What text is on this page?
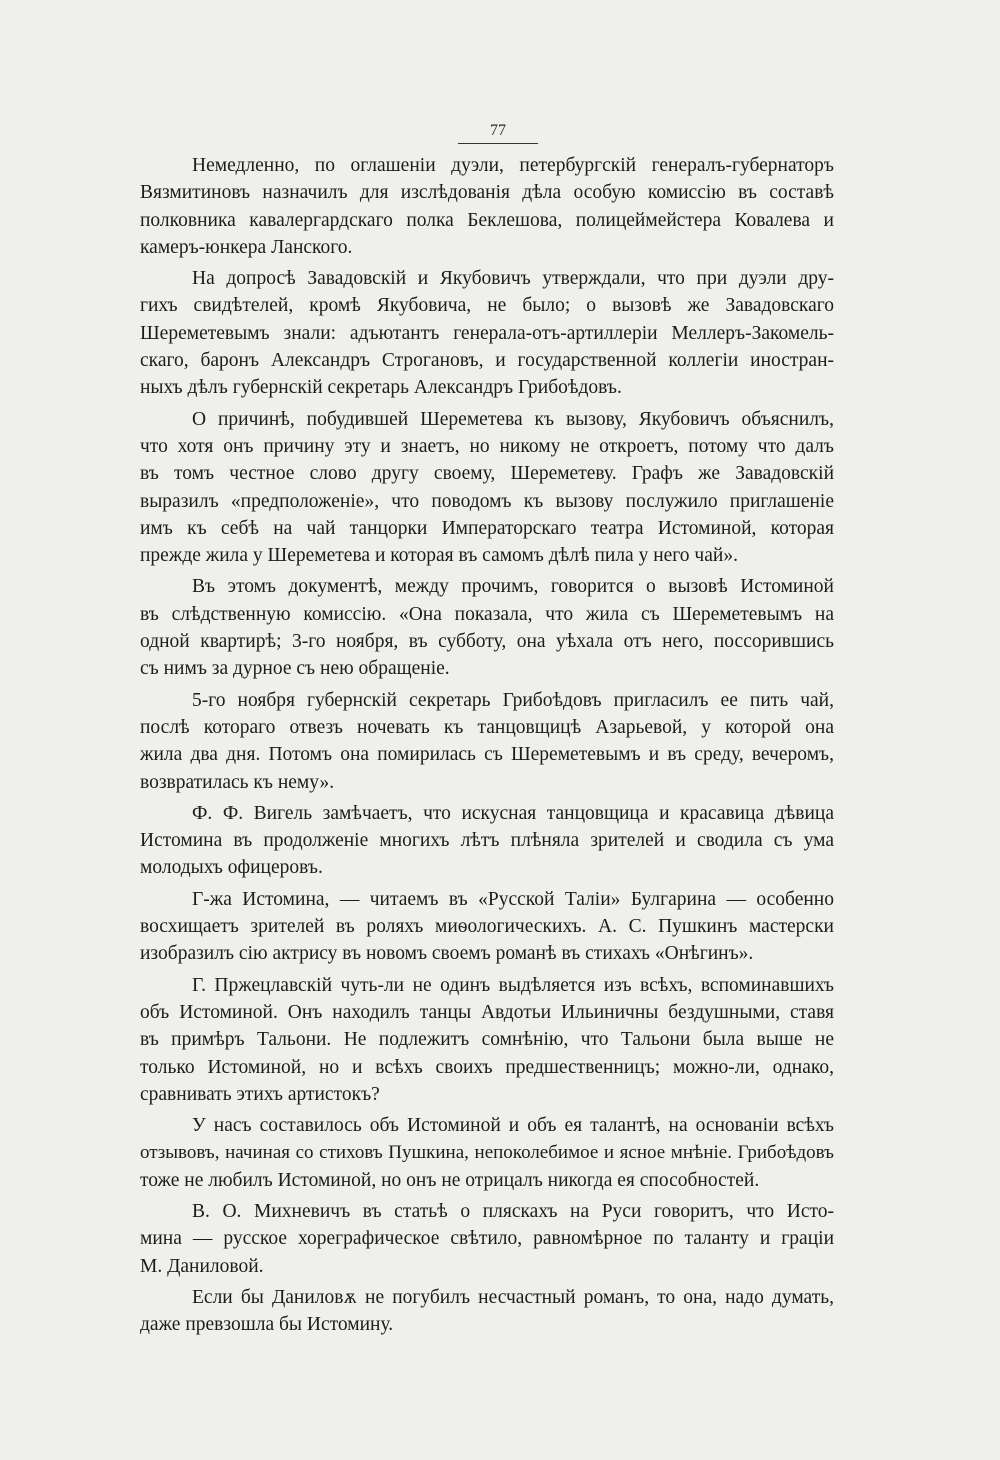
77
Немедленно, по оглашеніи дуэли, петербургскій генералъ-губернаторъ
Вязмитиновъ назначилъ для изслѣдованія дѣла особую комиссію въ составѣ
полковника кавалергардскаго полка Беклешова, полицеймейстера Ковалева и
камеръ-юнкера Ланского.
На допросѣ Завадовскій и Якубовичъ утверждали, что при дуэли дру-
гихъ свидѣтелей, кромѣ Якубовича, не было; о вызовѣ же Завадовскаго
Шереметевымъ знали: адъютантъ генерала-отъ-артиллеріи Меллеръ-Закомель-
скаго, баронъ Александръ Строгановъ, и государственной коллегіи иностран-
ныхъ дѣлъ губернскій секретарь Александръ Грибоѣдовъ.
О причинѣ, побудившей Шереметева къ вызову, Якубовичъ объяснилъ,
что хотя онъ причину эту и знаетъ, но никому не откроетъ, потому что далъ
въ томъ честное слово другу своему, Шереметеву. Графъ же Завадовскій
выразилъ «предположеніе», что поводомъ къ вызову послужило приглашеніе
имъ къ себѣ на чай танцорки Императорскаго театра Истоминой, которая
прежде жила у Шереметева и которая въ самомъ дѣлѣ пила у него чай».
Въ этомъ документѣ, между прочимъ, говорится о вызовѣ Истоминой
въ слѣдственную комиссію. «Она показала, что жила съ Шереметевымъ на
одной квартирѣ; 3-го ноября, въ субботу, она уѣхала отъ него, поссорившись
съ нимъ за дурное съ нею обращеніе.
5-го ноября губернскій секретарь Грибоѣдовъ пригласилъ ее пить чай,
послѣ котораго отвезъ ночевать къ танцовщицѣ Азарьевой, у которой она
жила два дня. Потомъ она помирилась съ Шереметевымъ и въ среду, вечеромъ,
возвратилась къ нему».
Ф. Ф. Вигель замѣчаетъ, что искусная танцовщица и красавица дѣвица
Истомина въ продолженіе многихъ лѣтъ плѣняла зрителей и сводила съ ума
молодыхъ офицеровъ.
Г-жа Истомина, — читаемъ въ «Русской Таліи» Булгарина — особенно
восхищаетъ зрителей въ роляхъ миѳологическихъ. А. С. Пушкинъ мастерски
изобразилъ сію актрису въ новомъ своемъ романѣ въ стихахъ «Онѣгинъ».
Г. Пржецлавскій чуть-ли не одинъ выдѣляется изъ всѣхъ, вспоминавшихъ
объ Истоминой. Онъ находилъ танцы Авдотьи Ильиничны бездушными, ставя
въ примѣръ Тальони. Не подлежитъ сомнѣнію, что Тальони была выше не
только Истоминой, но и всѣхъ своихъ предшественницъ; можно-ли, однако,
сравнивать этихъ артистокъ?
У насъ составилось объ Истоминой и объ ея талантѣ, на основаніи всѣхъ
отзывовъ, начиная со стиховъ Пушкина, непоколебимое и ясное мнѣніе. Грибоѣдовъ
тоже не любилъ Истоминой, но онъ не отрицалъ никогда ея способностей.
В. О. Михневичъ въ статьѣ о пляскахъ на Руси говоритъ, что Исто-
мина — русское хореграфическое свѣтило, равномѣрное по таланту и граціи
М. Даниловой.
Если бы Даниловѫ не погубилъ несчастный романъ, то она, надо думать,
даже превзошла бы Истомину.
